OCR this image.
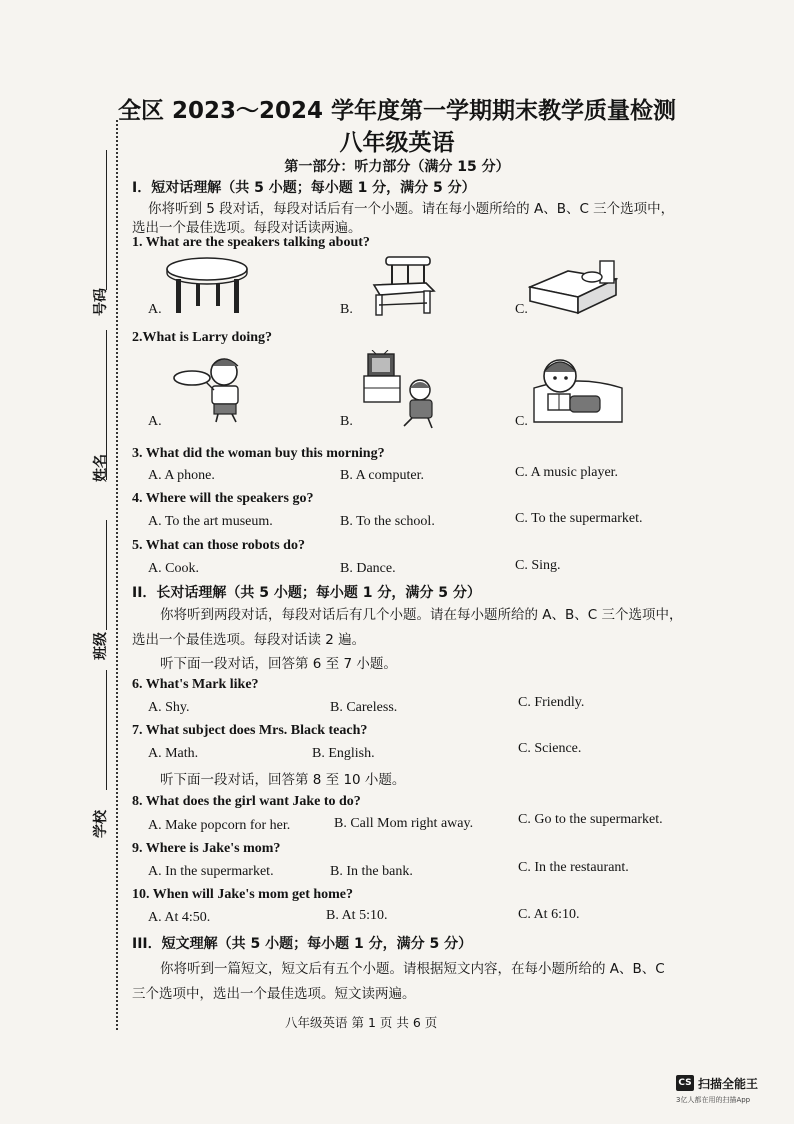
号码
姓名
班级
学校
全区 2023～2024 学年度第一学期期末教学质量检测
八年级英语
第一部分：听力部分（满分 15 分）
I．短对话理解（共 5 小题；每小题 1 分，满分 5 分）
你将听到 5 段对话，每段对话后有一个小题。请在每小题所给的 A、B、C 三个选项中，
选出一个最佳选项。每段对话读两遍。
1. What are the speakers talking about?
A.	B.	C.
2.What is Larry doing?
A.	B.	C.
3. What did the woman buy this morning?
A. A phone.	B. A computer.	C. A music player.
4. Where will the speakers go?
A. To the art museum.	B. To the school.	C. To the supermarket.
5. What can those robots do?
A. Cook.	B. Dance.	C. Sing.
II．长对话理解（共 5 小题；每小题 1 分，满分 5 分）
你将听到两段对话，每段对话后有几个小题。请在每小题所给的 A、B、C 三个选项中，
选出一个最佳选项。每段对话读 2 遍。
听下面一段对话，回答第 6 至 7 小题。
6. What's Mark like?
A. Shy.	B. Careless.	C. Friendly.
7. What subject does Mrs. Black teach?
A. Math.	B. English.	C. Science.
听下面一段对话，回答第 8 至 10 小题。
8. What does the girl want Jake to do?
A. Make popcorn for her.	B. Call Mom right away.	C. Go to the supermarket.
9. Where is Jake's mom?
A. In the supermarket.	B. In the bank.	C. In the restaurant.
10. When will Jake's mom get home?
A. At 4:50.	B. At 5:10.	C. At 6:10.
III．短文理解（共 5 小题；每小题 1 分，满分 5 分）
你将听到一篇短文，短文后有五个小题。请根据短文内容，在每小题所给的 A、B、C
三个选项中，选出一个最佳选项。短文读两遍。
八年级英语 第 1 页 共 6 页
CS 扫描全能王
3亿人都在用的扫描App
